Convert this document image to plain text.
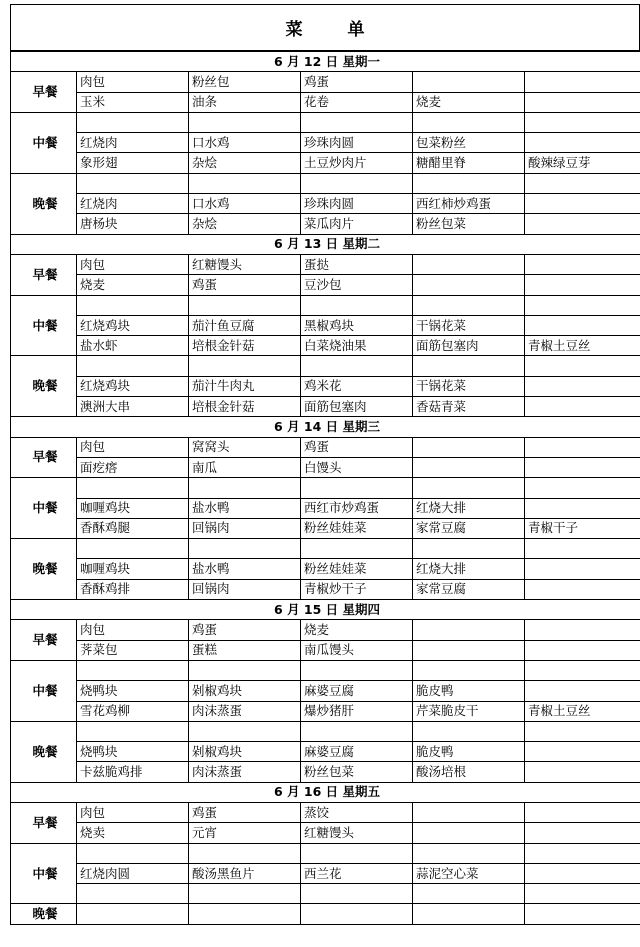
菜　单
6 月 12 日 星期一					
早餐	肉包	粉丝包	鸡蛋		
	玉米	油条	花卷	烧麦	
中餐					
	红烧肉	口水鸡	珍珠肉圆	包菜粉丝	
	象形翅	杂烩	土豆炒肉片	糖醋里脊	酸辣绿豆芽
晚餐					
	红烧肉	口水鸡	珍珠肉圆	西红柿炒鸡蛋	
	唐杨块	杂烩	菜瓜肉片	粉丝包菜	
6 月 13 日 星期二					
早餐	肉包	红糖馒头	蛋挞		
	烧麦	鸡蛋	豆沙包		
中餐					
	红烧鸡块	茄汁鱼豆腐	黑椒鸡块	干锅花菜	
	盐水虾	培根金针菇	白菜烧油果	面筋包塞肉	青椒土豆丝
晚餐					
	红烧鸡块	茄汁牛肉丸	鸡米花	干锅花菜	
	澳洲大串	培根金针菇	面筋包塞肉	香菇青菜	
6 月 14 日 星期三					
早餐	肉包	窝窝头	鸡蛋		
	面疙瘩	南瓜	白馒头		
中餐					
	咖喱鸡块	盐水鸭	西红市炒鸡蛋	红烧大排	
	香酥鸡腿	回锅肉	粉丝娃娃菜	家常豆腐	青椒干子
晚餐					
	咖喱鸡块	盐水鸭	粉丝娃娃菜	红烧大排	
	香酥鸡排	回锅肉	青椒炒干子	家常豆腐	
6 月 15 日 星期四					
早餐	肉包	鸡蛋	烧麦		
	荠菜包	蛋糕	南瓜馒头		
中餐					
	烧鸭块	剁椒鸡块	麻婆豆腐	脆皮鸭	
	雪花鸡柳	肉沫蒸蛋	爆炒猪肝	芹菜脆皮干	青椒土豆丝
晚餐					
	烧鸭块	剁椒鸡块	麻婆豆腐	脆皮鸭	
	卡兹脆鸡排	肉沫蒸蛋	粉丝包菜	酸汤培根	
6 月 16 日 星期五					
早餐	肉包	鸡蛋	蒸饺		
	烧卖	元宵	红糖馒头		
中餐					
	红烧肉圆	酸汤黑鱼片	西兰花	蒜泥空心菜	

晚餐					
